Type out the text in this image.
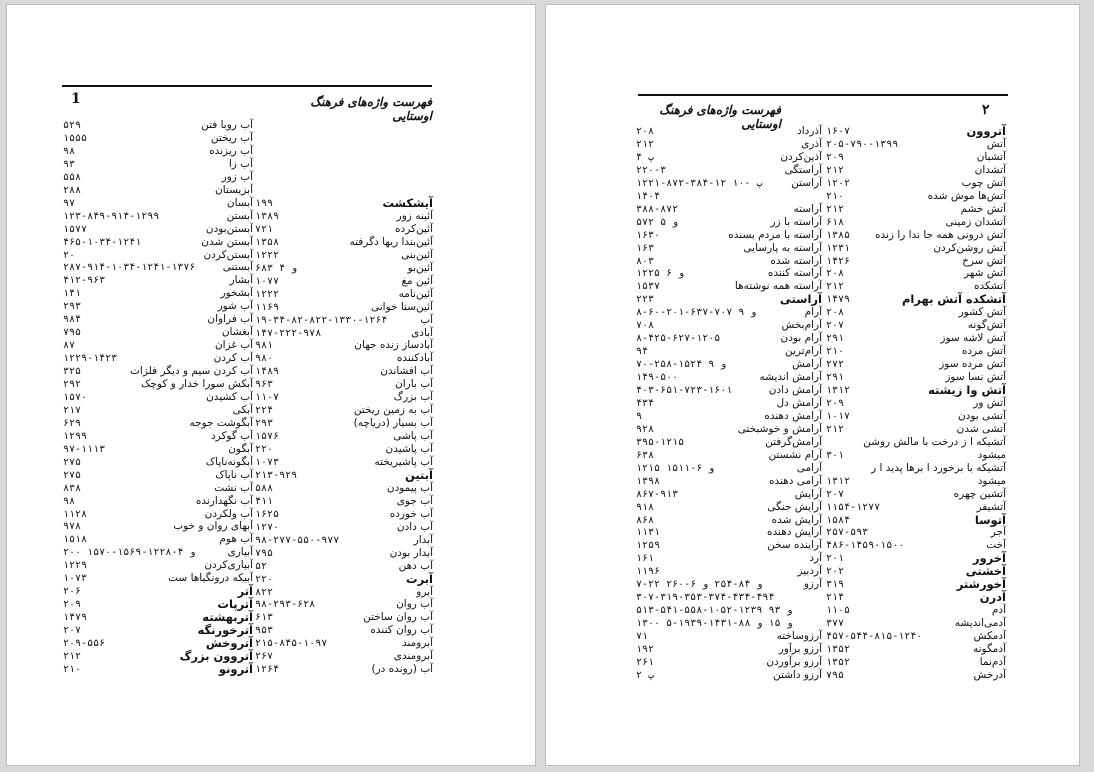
1	فهرست واژه‌های فرهنگ اوستایی
۱۹۹	آیشکشت
۱۳۸۹	آئینه زور
۷۲۱	آئین‌کرده
۱۳۵۸	آئین‌بندا ریها دگرفته
۱۲۲۲	آئین‌بنی
۶۸۳ و ۴	آئین‌بو
۱۰۷۷	آئین مغ
۱۲۲۲	آئین‌نامه
۱۱۶۹	آئین‌سنا خوانی
۱۹-۳۴-۸۲-۸۲۲-۱۳۳۰-۱۲۶۴	آب
۱۴۷-۲۲۲-۹۷۸	آبادی
۹۸۱	آبادساز زنده جهان
۹۸۰	آبادکننده
۱۴۸۹	آب افشاندن
۹۶۳	آب باران
۱۱۰۷	آب بزرگ
۲۲۴	آب به زمین ریختن
۲۹۳	آب بسیار (دریاچه)
۱۵۷۶	آب پاشی
۲۲۰	آب پاشیدن
۱۰۷۳	آب پاشیریخته
۲۱۳-۹۲۹	آبتین
۵۸۸	آب پیمودن
۴۱۱	آب جوی
۱۶۲۵	آب خورده
۱۲۷۰	آب دادن
۹۸-۲۷۷-۵۵۰-۹۷۷	آبدار
۷۹۵	آبدار بودن
۵۲	آب دهن
۲۲۰	آبرت
۸۲۲	آبرو
۹۸-۲۹۳-۶۲۸	آب روان
۶۱۳	آب روان ساختن
۹۵۳	آب روان کننده
۲۱۵-۸۴۵-۱۰۹۷	آبرومند
۲۶۷	آبرومندی
۱۲۶۴	آب (رونده در)
۵۲۹	آب روبا فتن
۱۵۵۵	آب ریختن
۹۸	آب ریزنده
۹۳	آب زا
۵۵۸	آب زور
۲۸۸	آبزیستان
۹۷	آبسان
۱۲۳-۸۴۹-۹۱۴-۱۲۹۹	آبستن
۱۵۷۷	آبستن‌بودن
۴۶۵-۱۰۳۴-۱۲۴۱	آبستن شدن
۲۰	آبستن‌کردن
۲۸۷-۹۱۴-۱۰۳۴-۱۲۴۱-۱۳۷۶	آبستنی
۴۱۲-۹۶۳	آبشار
۱۴۱	آبشخور
۲۹۳	آب شور
۹۸۴	آب فراوان
۷۹۵	آبغشان
۸۷	آب غزان
۱۲۲۹-۱۴۲۳	آب کردن
۳۲۵	آب کردن سیم و دیگر فلزات
۲۹۲	آبکش سورا خدار و کوچک
۱۵۷۰	آب کشیدن
۲۱۷	آبکی
۶۲۹	آبگوشت جوجه
۱۲۹۹	آب گوکرد
۹۷-۱۱۱۳	آبگون
۲۷۵	آبگونه‌ناپاک
۲۷۵	آب ناپاک
۸۳۸	آب نشت
۹۸	آب نگهدارنده
۱۱۲۸	آب ولکردن
۹۷۸	آبهای روان و خوب
۱۵۱۸	آب هوم
۲۰۰ و ۴-۱۲۲۸-۱۵۶۹-۱۵۷۰	آبیاری
۱۲۲۹	آبیاری‌کردن
۱۰۷۳	آبیکه درونگیاها ست
۲۰۶	آتر
۲۰۹	آترپات
۱۴۷۹	آتربهشته
۲۰۷	آترخورنگه
۲۰۹-۵۵۶	آتروخش
۲۱۲	آتروون بزرگ
۲۱۰	آترونو
۲
فهرست واژه‌های فرهنگ اوستایی
۱۶۰۷	آتروون
۲۰۵-۷۹۰-۱۳۹۹	آتش
۲۰۹	آتشبان
۲۱۲	آتشدان
۱۲۰۲	آتش چوب
۲۱۰	آتش‌ها موش شده
۲۱۲	آتش خشم
۶۱۸	آتشدان زمینی
۱۳۸۵ آتش درونی همه جا ندا را زنده
۱۲۳۱	آتش روشن‌کردن
۱۴۲۶	آتش سرخ
۲۰۸	آتش شهر
۲۱۲	آتشکده
۱۴۷۹	آتشکده آتش بهرام
۲۰۸	آتش کشور
۲۰۷	آتش‌گونه
۲۹۱	آتش لاشه سوز
۲۱۰	آتش مرده
۲۷۲	آتش مرده سوز
۲۹۱	آتش نسا سوز
۱۳۱۲	آتش وا زیشته
۲۰۹	آتش ور
۱۰۱۷	آتشی بودن
۲۱۲	آتشی شدن
آتشیکه ا ز درخت با مالش روشن
۳۰۱	میشود
آتشیکه با برخورد ا برها پدید ا ر
۱۳۱۲	میشود
۲۰۷	آتشین چهره
۱۱۵۴-۱۲۷۷	آتشیفر
۱۵۸۴	آتوسا
۲۵۷-۵۹۳	آجر
۴۸۶-۱۴۵۹-۱۵۰۰	آخت
۲۰۱	آخرور
۲۰۲	آخشتی
۳۱۹	آخورشتر
۲۱۴	آدرن
۱۱۰۵	آدم
۳۷۷	آدمی‌اندیشه
۴۵۷-۵۴۴-۸۱۵-۱۲۴۰	آدمکش
۱۳۵۲	آدمگونه
۱۳۵۲	آدم‌نما
۷۹۵	آدرخش
۲۰۸	آذرداد
۲۱۲	آذری
۴ پ	آذین‌کردن
۲۲۰-۳	آراستگی
۱۲۲۱-۸۷۲-۳۸۴-۱۲ پ -۱۰	آراستن
۱۴۰۴
۳۸۸-۸۷۲	آراسته
۵۷۲ و ۵	آراسته با زر
۱۶۳۰	آراسته با مردم بسنده
۱۶۳	آراسته به پارسایی
۸۰۳	آراسته شده
۱۲۲۵ و ۶	آراسته کننده
۱۵۳۷	آراسته همه نوشته‌ها
۲۲۳	آراستی
۸-۶۰-۲۰۱-۶۳۷-۷۰۷ و ۹	آرام
۷۰۸	آرام‌بخش
۸-۴۲۵-۶۲۷-۱۲۰۵	آرام بودن
۹۴	آرام‌ترین
۷۰-۲۵۸-۱۵۲۴ و ۹	آرامش
۱۴۹-۵۰۰	آرامش اندیشه
۴۰۳-۶۵۱-۷۲۳-۱۶۰۱	آرامش دادن
۴۳۴	آرامش دل
۹	آرامش دهنده
۹۲۸	آرامش و خوشبختی
۳۹۵-۱۲۱۵	آرامش‌گرفتن
۶۳۸	آرام نشستن
۱۲۱۵ و ۶-۱۵۱۱	آرامی
۱۳۹۸	آرامی دهنده
۸۶۷-۹۱۳	آرایش
۹۱۸	آرایش جنگی
۸۶۸	آرایش شده
۱۱۳۱	آرایش دهنده
۱۲۵۹	آراینده سخن
۱۶۱	آرد
۱۱۹۶	آردبیز
۷-۲۲ و ۸۴-۲۵۴ و ۶-۲۶۰	آرزو
۳۰۷-۳۱۹-۳۵۳-۳۷۴-۴۳۴-۴۹۴
۵۱۳-۵۴۱-۵۵۸-۱۰۵۲-۱۲۳۹ و ۹۳
۱۳۰۰ و ۱۵ و ۸۸-۱۴۳۱-۱۹۳۹-۵
۷۱	آرزوساخته
۱۹۲	آرزو برآور
۲۶۱	آرزو برآوردن
۲ پ	آرزو داشتن
